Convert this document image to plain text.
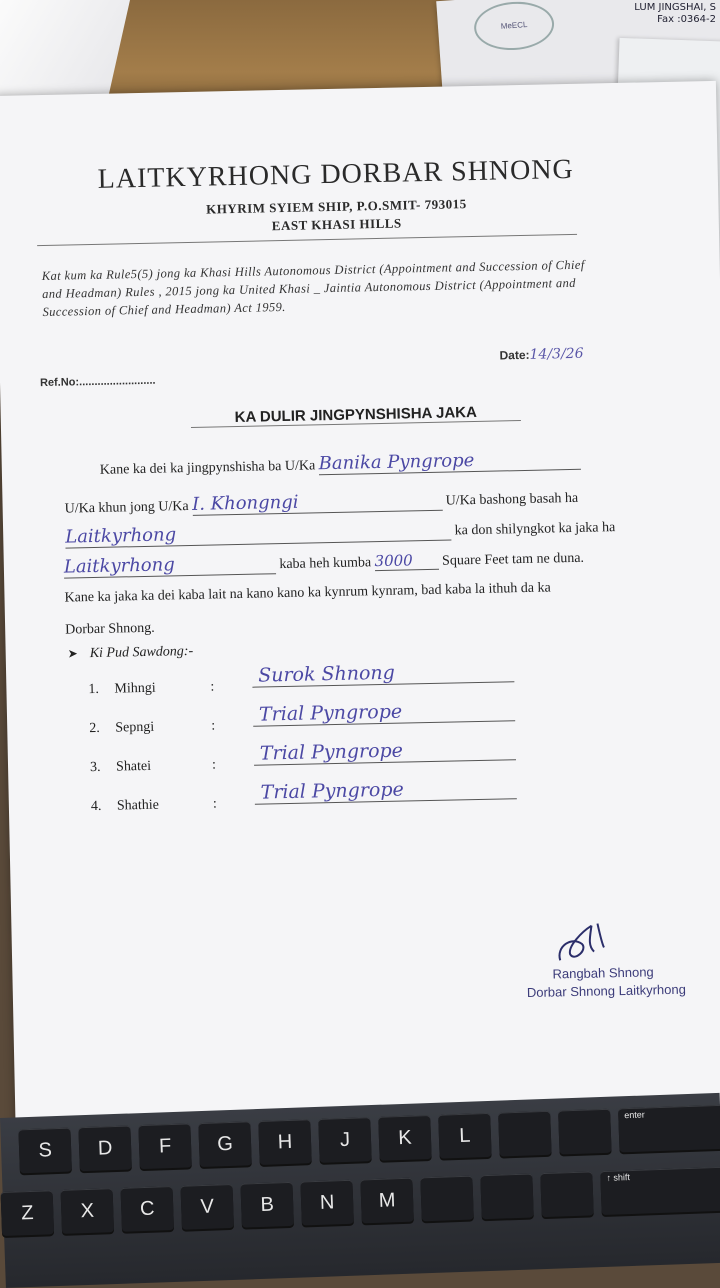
MeECL
LUM JINGSHAI, S
Fax :0364-2
LAITKYRHONG DORBAR SHNONG
KHYRIM SYIEM SHIP, P.O.SMIT- 793015
EAST KHASI HILLS
Kat kum ka Rule5(5) jong ka Khasi Hills Autonomous District (Appointment and Succession of Chief and Headman) Rules , 2015 jong ka United Khasi _ Jaintia Autonomous District (Appointment and Succession of Chief and Headman) Act 1959.
Ref.No:.........................
Date:14/3/26
KA DULIR JINGPYNSHISHA JAKA
Kane ka dei ka jingpynshisha ba U/Ka Banika Pyngrope
U/Ka khun jong U/Ka I. Khongngi	U/Ka bashong basah ha
Laitkyrhong	ka don shilyngkot ka jaka ha
Laitkyrhong	kaba heh kumba 3000 Square Feet tam ne duna.
Kane ka jaka ka dei kaba lait na kano kano ka kynrum kynram, bad kaba la ithuh da ka
Dorbar Shnong.
➤ Ki Pud Sawdong:-
1. Mihngi	:
Surok Shnong
2. Sepngi	:
Trial Pyngrope
3. Shatei	:
Trial Pyngrope
4. Shathie	:
Trial Pyngrope
Rangbah Shnong
Dorbar Shnong Laitkyrhong
S	D	F	G	H	J	K	L
enter
Z	X	C	V	B	N	M
↑ shift
